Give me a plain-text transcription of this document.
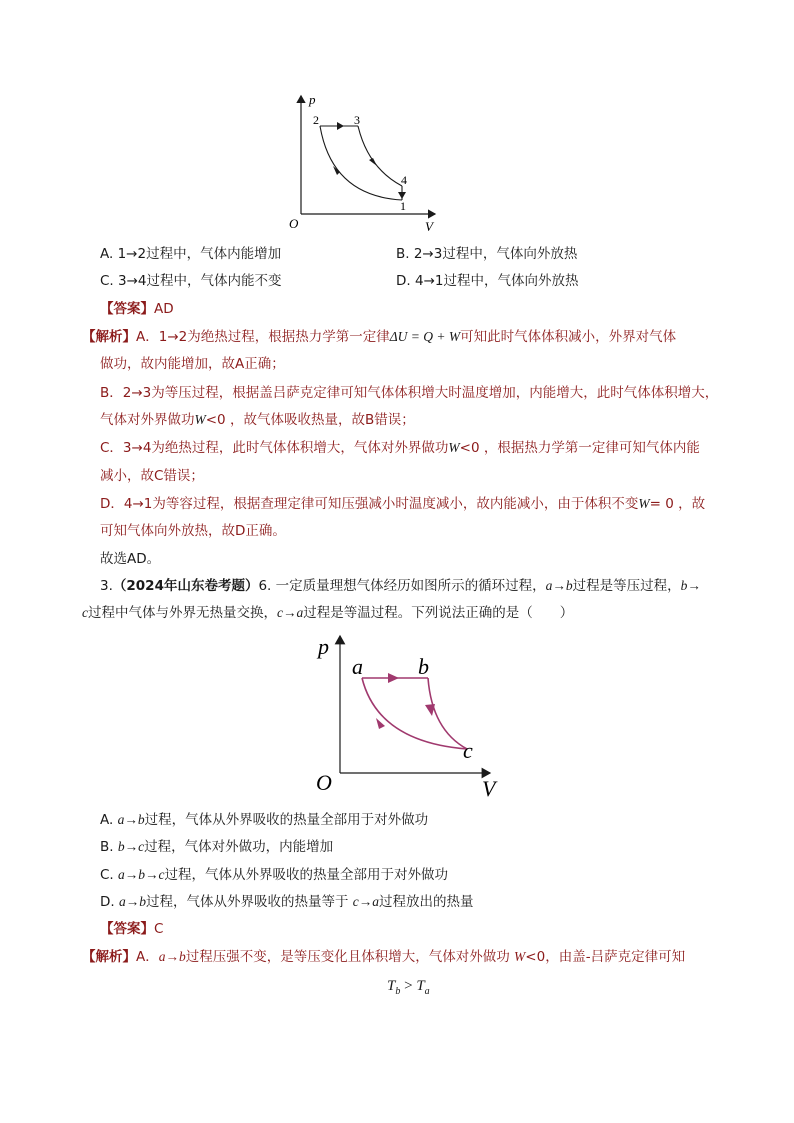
p
V
O
2	3
4
1
A. 1→2过程中，气体内能增加	B. 2→3过程中，气体向外放热
C. 3→4过程中，气体内能不变	D. 4→1过程中，气体向外放热
【答案】AD
【解析】A．1→2为绝热过程，根据热力学第一定律ΔU = Q + W可知此时气体体积减小，外界对气体
做功，故内能增加，故A正确；
B．2→3为等压过程，根据盖吕萨克定律可知气体体积增大时温度增加，内能增大，此时气体体积增大，
气体对外界做功W<0 ，故气体吸收热量，故B错误；
C．3→4为绝热过程，此时气体体积增大，气体对外界做功W<0 ，根据热力学第一定律可知气体内能
减小，故C错误；
D．4→1为等容过程，根据查理定律可知压强减小时温度减小，故内能减小，由于体积不变W= 0 ，故
可知气体向外放热，故D正确。
故选AD。
3.（2024年山东卷考题）6. 一定质量理想气体经历如图所示的循环过程，a→b过程是等压过程，b→
c过程中气体与外界无热量交换，c→a过程是等温过程。下列说法正确的是（　　）
p
V
O
a	b
c
A. a→b过程，气体从外界吸收的热量全部用于对外做功
B. b→c过程，气体对外做功，内能增加
C. a→b→c过程，气体从外界吸收的热量全部用于对外做功
D. a→b过程，气体从外界吸收的热量等于 c→a过程放出的热量
【答案】C
【解析】A．a→b过程压强不变，是等压变化且体积增大，气体对外做功 W<0，由盖-吕萨克定律可知
$T_b > T_a$
